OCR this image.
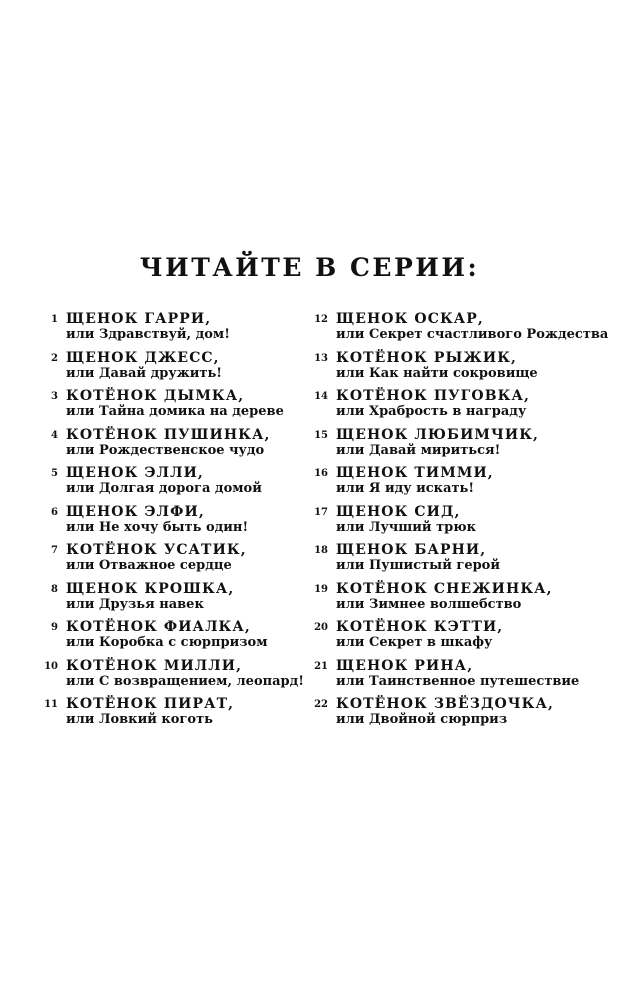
ЧИТАЙТЕ В СЕРИИ:
1 ЩЕНОК ГАРРИ,
или Здравствуй, дом!
2 ЩЕНОК ДЖЕСС,
или Давай дружить!
3 КОТЁНОК ДЫМКА,
или Тайна домика на дереве
4 КОТЁНОК ПУШИНКА,
или Рождественское чудо
5 ЩЕНОК ЭЛЛИ,
или Долгая дорога домой
6 ЩЕНОК ЭЛФИ,
или Не хочу быть один!
7 КОТЁНОК УСАТИК,
или Отважное сердце
8 ЩЕНОК КРОШКА,
или Друзья навек
9 КОТЁНОК ФИАЛКА,
или Коробка с сюрпризом
10 КОТЁНОК МИЛЛИ,
или С возвращением, леопард!
11 КОТЁНОК ПИРАТ,
или Ловкий коготь
12 ЩЕНОК ОСКАР,
или Секрет счастливого Рождества
13 КОТЁНОК РЫЖИК,
или Как найти сокровище
14 КОТЁНОК ПУГОВКА,
или Храбрость в награду
15 ЩЕНОК ЛЮБИМЧИК,
или Давай мириться!
16 ЩЕНОК ТИММИ,
или Я иду искать!
17 ЩЕНОК СИД,
или Лучший трюк
18 ЩЕНОК БАРНИ,
или Пушистый герой
19 КОТЁНОК СНЕЖИНКА,
или Зимнее волшебство
20 КОТЁНОК КЭТТИ,
или Секрет в шкафу
21 ЩЕНОК РИНА,
или Таинственное путешествие
22 КОТЁНОК ЗВЁЗДОЧКА,
или Двойной сюрприз
